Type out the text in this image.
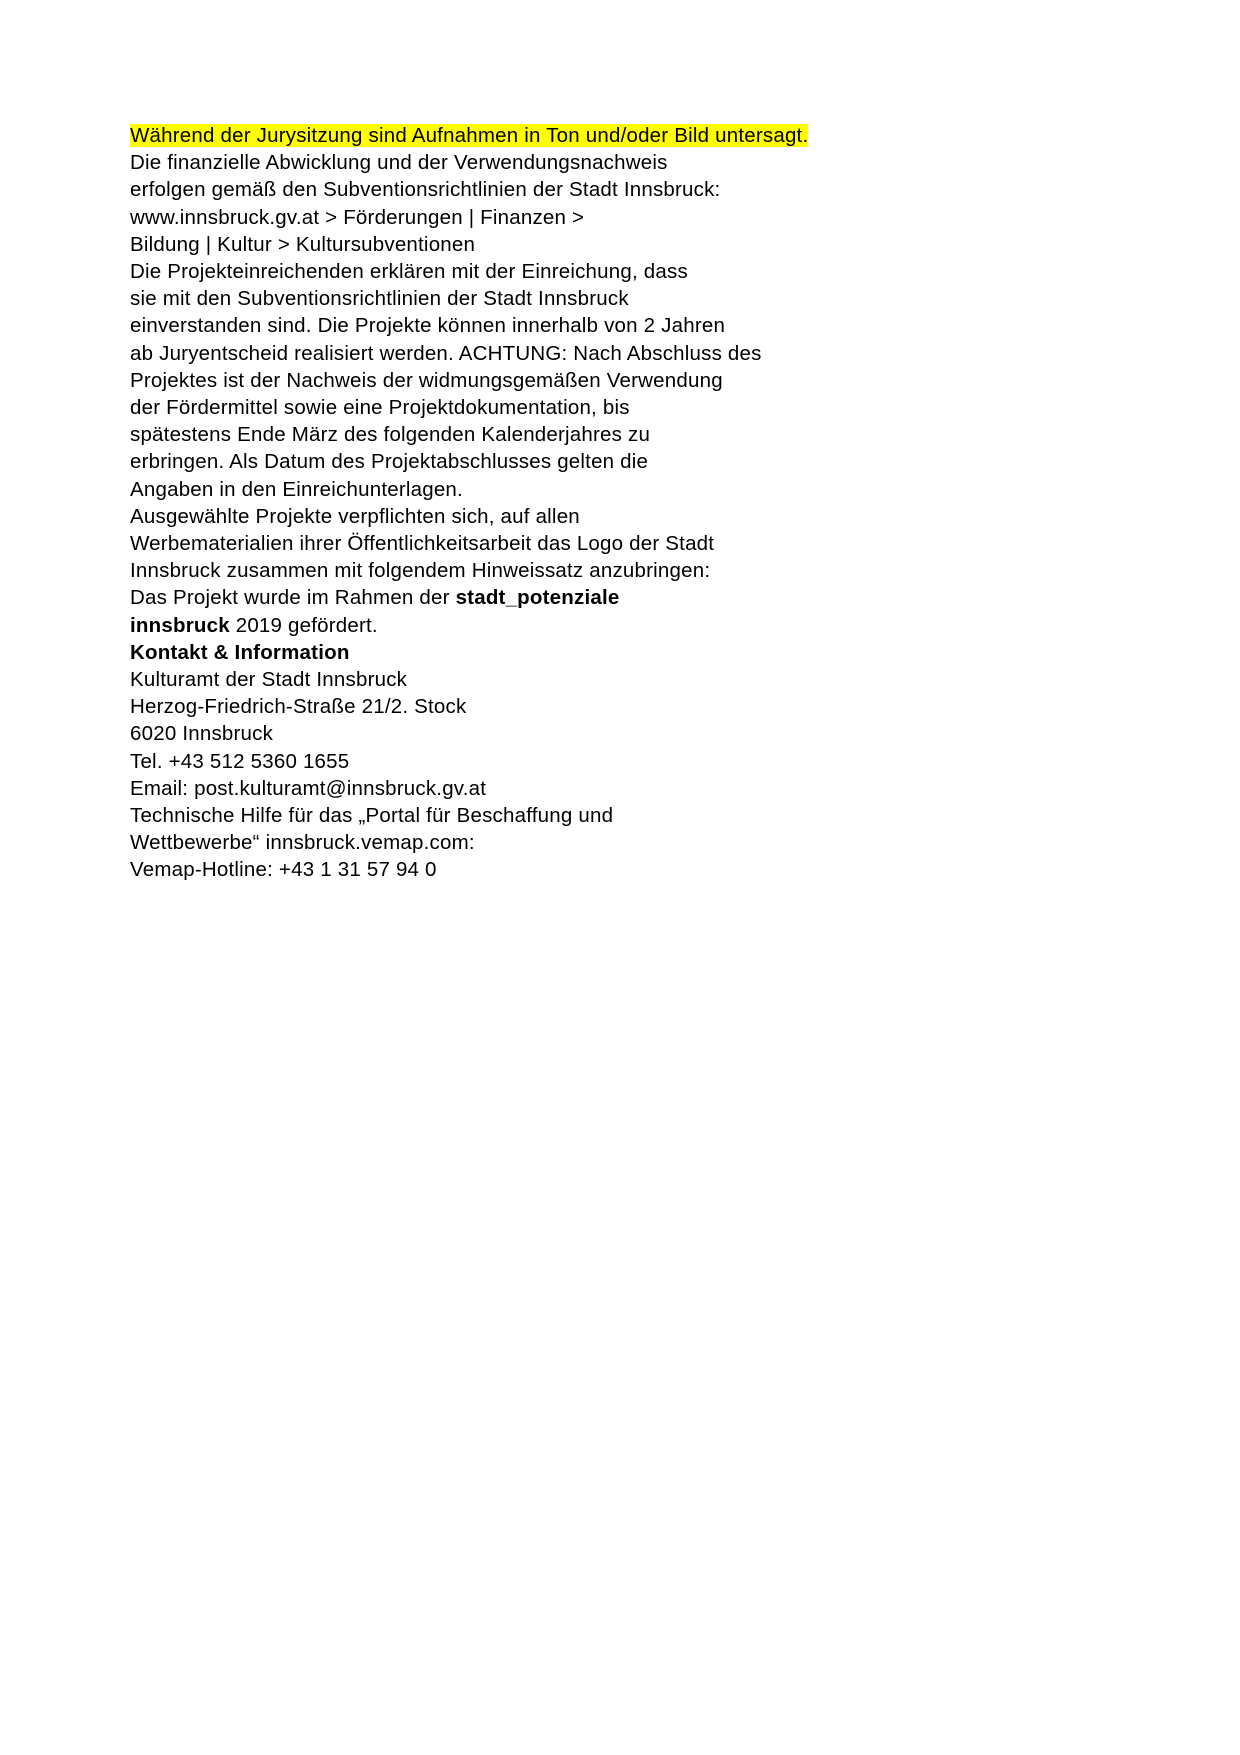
Während der Jurysitzung sind Aufnahmen in Ton und/oder Bild untersagt.
Die finanzielle Abwicklung und der Verwendungsnachweis
erfolgen gemäß den Subventionsrichtlinien der Stadt Innsbruck:
www.innsbruck.gv.at > Förderungen | Finanzen >
Bildung | Kultur > Kultursubventionen
Die Projekteinreichenden erklären mit der Einreichung, dass
sie mit den Subventionsrichtlinien der Stadt Innsbruck
einverstanden sind. Die Projekte können innerhalb von 2 Jahren
ab Juryentscheid realisiert werden. ACHTUNG: Nach Abschluss des
Projektes ist der Nachweis der widmungsgemäßen Verwendung
der Fördermittel sowie eine Projektdokumentation, bis
spätestens Ende März des folgenden Kalenderjahres zu
erbringen. Als Datum des Projektabschlusses gelten die
Angaben in den Einreichunterlagen.
Ausgewählte Projekte verpflichten sich, auf allen
Werbematerialien ihrer Öffentlichkeitsarbeit das Logo der Stadt
Innsbruck zusammen mit folgendem Hinweissatz anzubringen:
Das Projekt wurde im Rahmen der stadt_potenziale
innsbruck 2019 gefördert.
Kontakt & Information
Kulturamt der Stadt Innsbruck
Herzog-Friedrich-Straße 21/2. Stock
6020 Innsbruck
Tel. +43 512 5360 1655
Email: post.kulturamt@innsbruck.gv.at
Technische Hilfe für das „Portal für Beschaffung und
Wettbewerbe“ innsbruck.vemap.com:
Vemap-Hotline: +43 1 31 57 94 0
